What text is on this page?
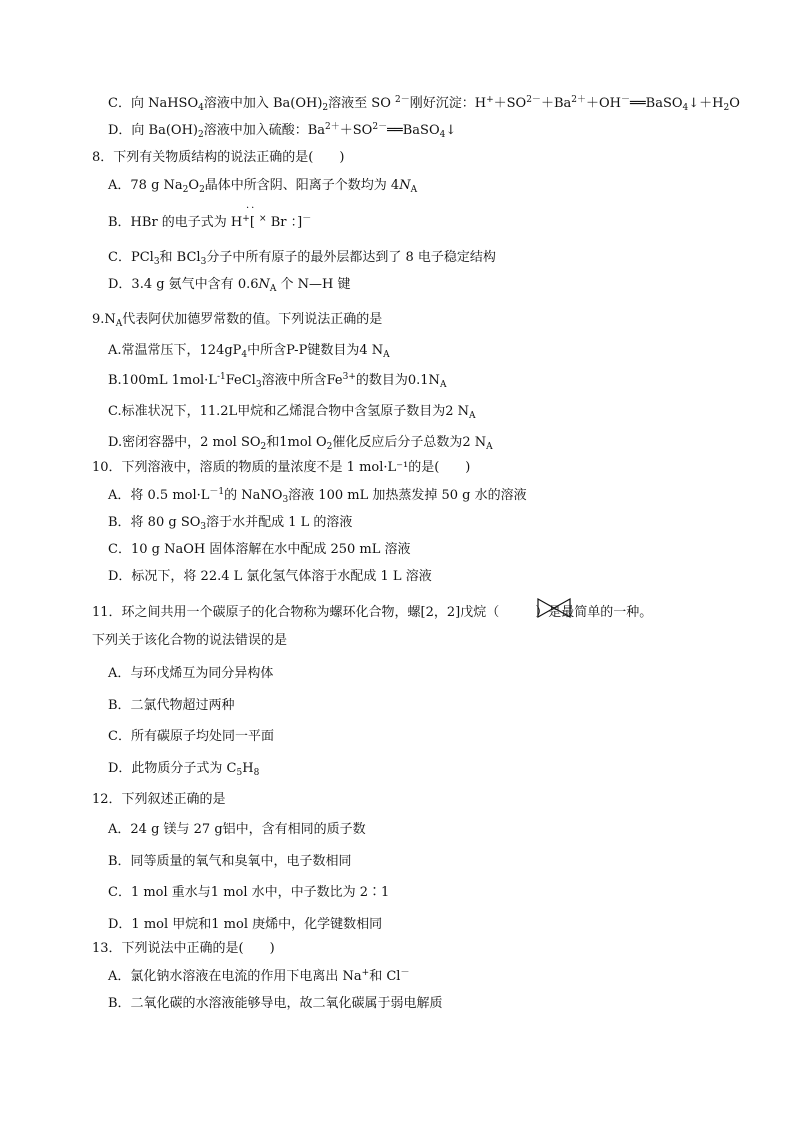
C．向 NaHSO$_4$溶液中加入 $Ba(OH)_2$溶液至 SO $^{2-}$刚好沉淀：$H^++SO^{2-}+Ba^{2+}+OH^-══BaSO_4↓+H_2O$
D．向 $Ba(OH)_2$溶液中加入硫酸：$Ba^{2+}+SO^{2-}══BaSO_4↓$
8．下列有关物质结构的说法正确的是(　　)
A．78 g $Na_2O_2$晶体中所含阴、阳离子个数均为 $4N_A$
··
B．HBr 的电子式为 H+[ × Br ：]－
C．PCl$_3$和 BCl$_3$分子中所有原子的最外层都达到了 8 电子稳定结构
D．3.4 g 氨气中含有 $0.6N_A$ 个 N—H 键
$9.N_A$代表阿伏加德罗常数的值。下列说法正确的是
A.常温常压下，$124gP_4$中所含P-P键数目为4 $N_A$
B.100mL $1mol\cdot L^{-1}FeCl_3$溶液中所含$Fe^{3+}$的数目为$0.1N_A$
C.标准状况下，11.2L甲烷和乙烯混合物中含氢原子数目为2 $N_A$
D.密闭容器中，2 mol $SO_2$和1mol $O_2$催化反应后分子总数为2 $N_A$
10．下列溶液中，溶质的物质的量浓度不是 1 mol·L⁻¹的是(　　)
A．将 0.5 $mol\cdot L^{-1}$的 NaNO$_3$溶液 100 mL 加热蒸发掉 50 g 水的溶液
B．将 80 g $SO_3$溶于水并配成 1 L 的溶液
C．10 g NaOH 固体溶解在水中配成 250 mL 溶液
D．标况下，将 22.4 L 氯化氢气体溶于水配成 1 L 溶液
11．环之间共用一个碳原子的化合物称为螺环化合物，螺[2，2]戊烷（	）是最简单的一种。
下列关于该化合物的说法错误的是
A．与环戊烯互为同分异构体
B．二氯代物超过两种
C．所有碳原子均处同一平面
D．此物质分子式为 $C_5H_8$
12．下列叙述正确的是
A．24 g 镁与 27 g铝中，含有相同的质子数
B．同等质量的氧气和臭氧中，电子数相同
C．1 mol 重水与1 mol 水中，中子数比为 2∶1
D．1 mol 甲烷和1 mol 庚烯中，化学键数相同
13．下列说法中正确的是(　　)
A．氯化钠水溶液在电流的作用下电离出 Na+和 Cl－
B．二氧化碳的水溶液能够导电，故二氧化碳属于弱电解质
